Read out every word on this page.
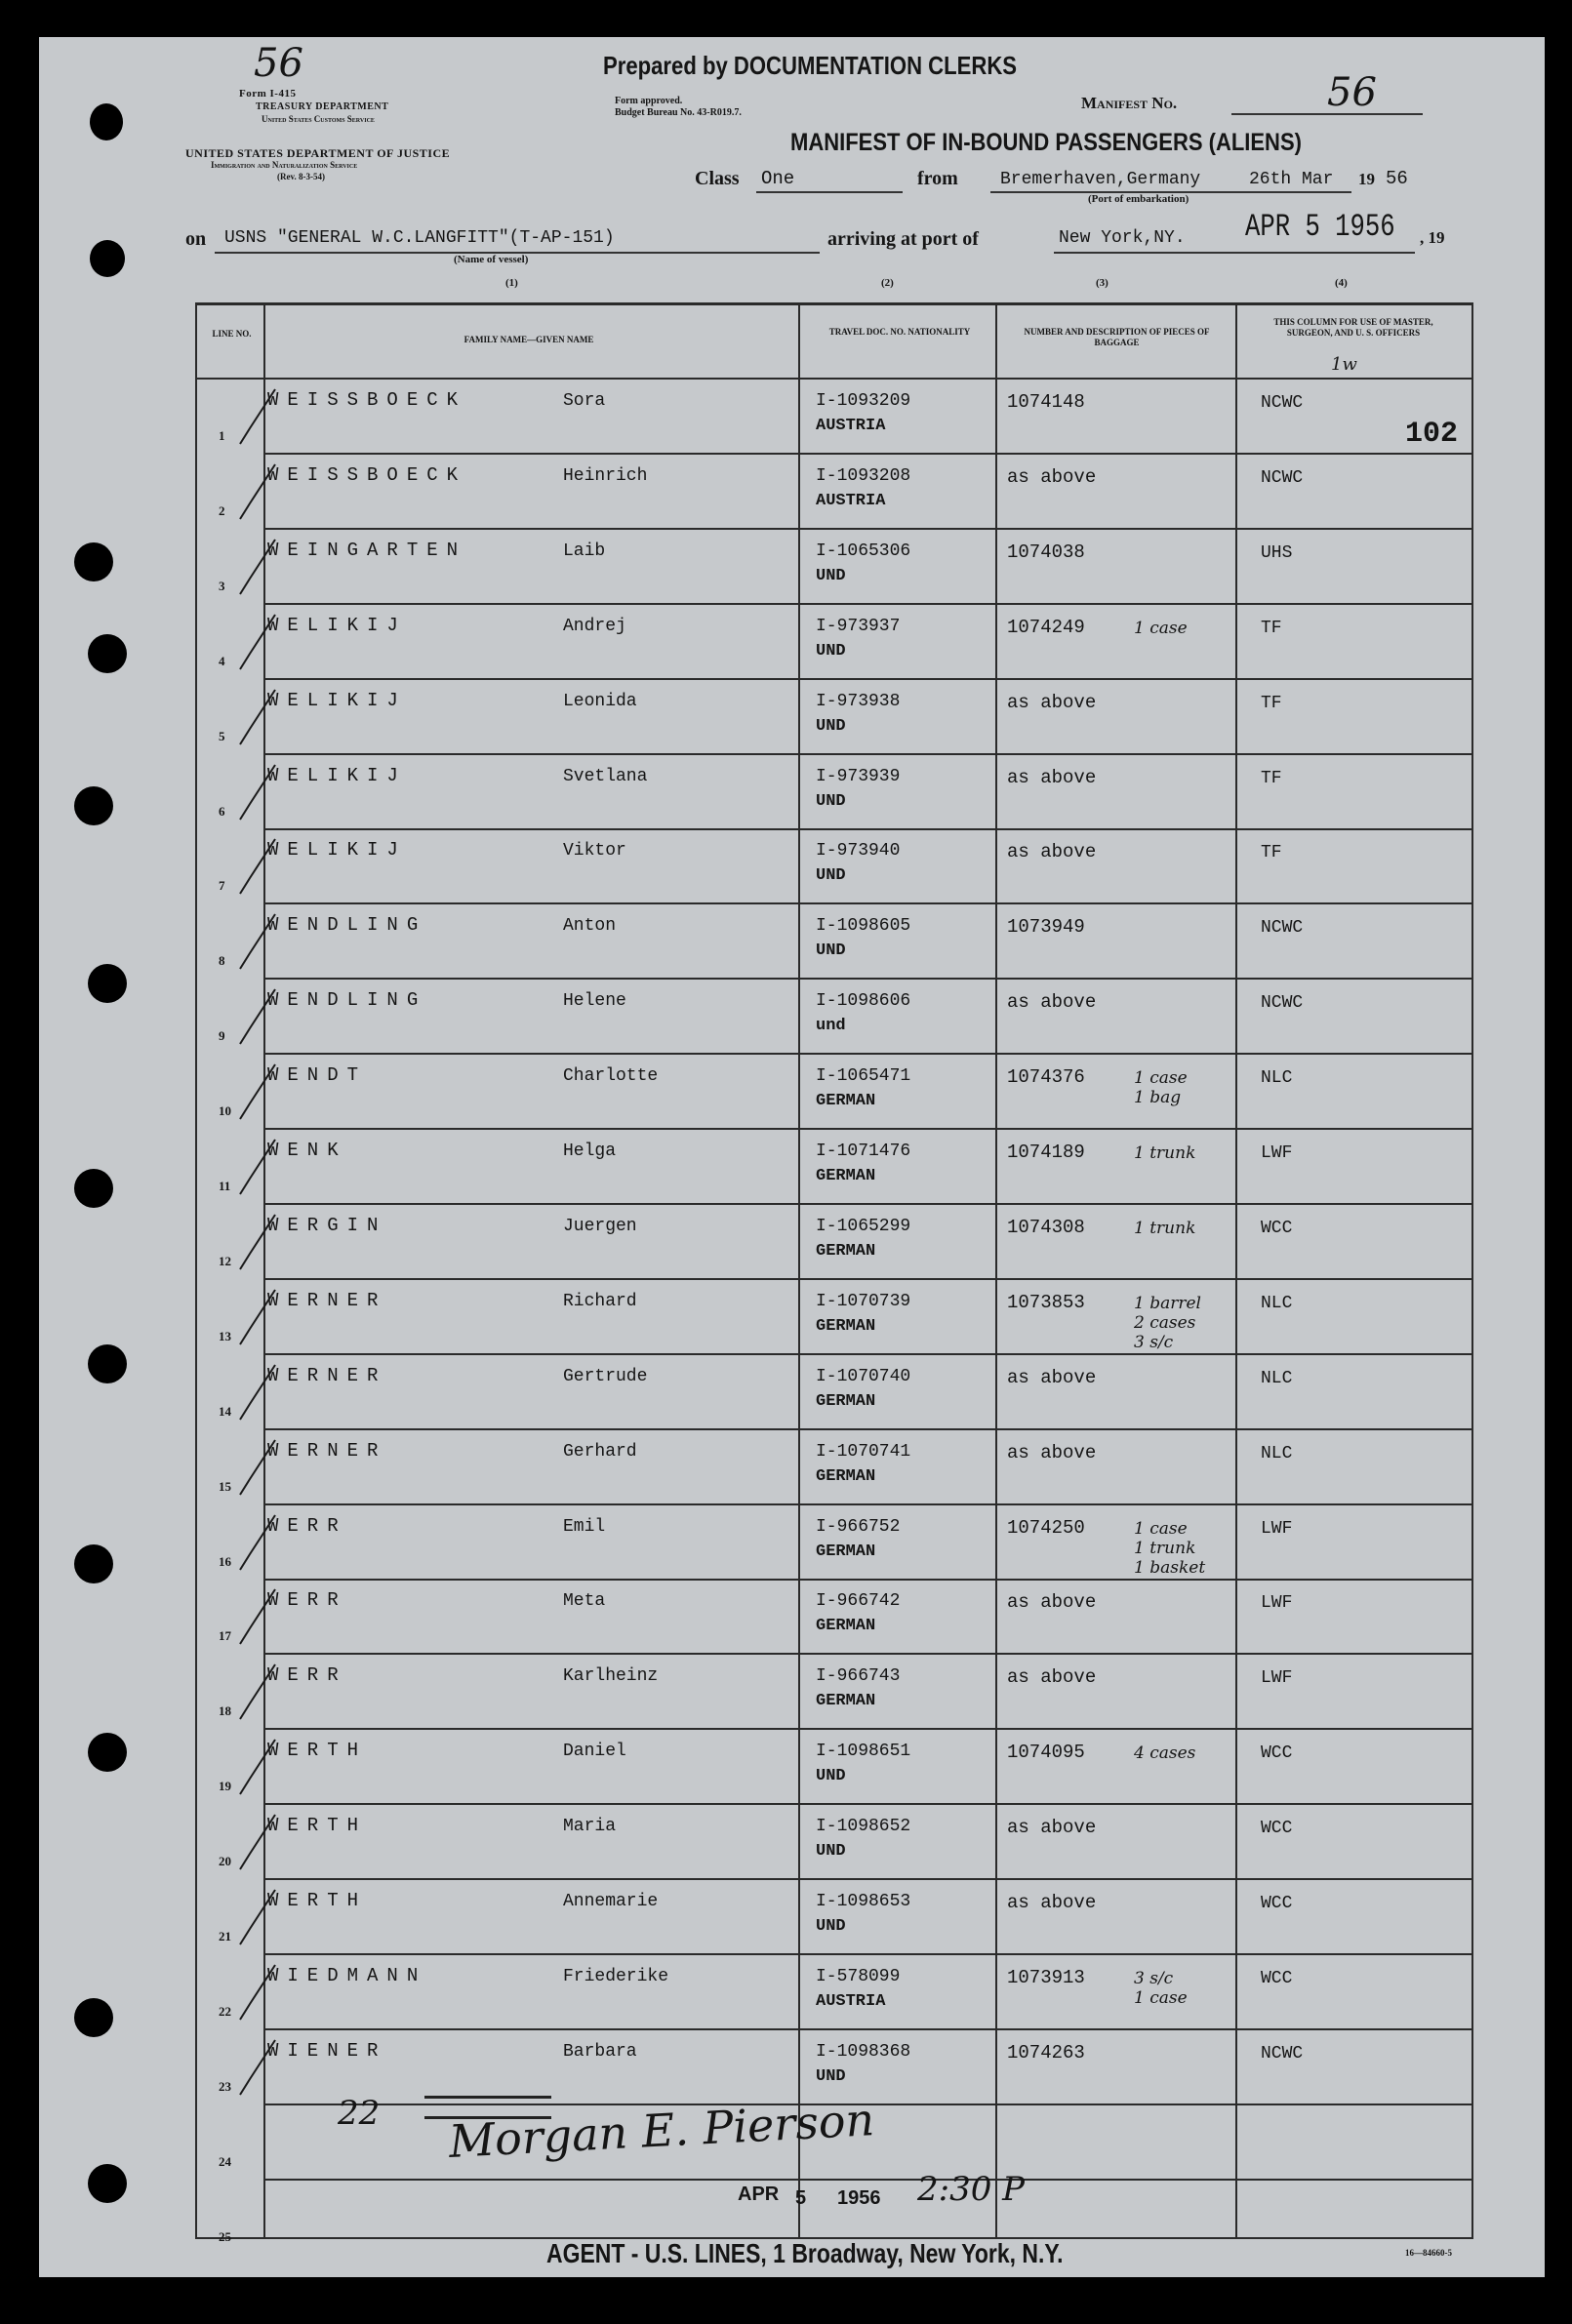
56
Form I-415
TREASURY DEPARTMENT
United States Customs Service
UNITED STATES DEPARTMENT OF JUSTICE
Immigration and Naturalization Service
(Rev. 8-3-54)
Form approved.
Budget Bureau No. 43-R019.7.
Prepared by DOCUMENTATION CLERKS
Manifest No.	56
MANIFEST OF IN-BOUND PASSENGERS (ALIENS)
Class One	from Bremerhaven,Germany
(Port of embarkation)
26th Mar 19 56
on USNS "GENERAL W.C.LANGFITT"(T-AP-151)
(Name of vessel)
arriving at port of	New York,NY. APR 5 1956 , 19
(1)	(2)	(3)	(4)
102
LINE NO.
FAMILY NAME—GIVEN NAME
TRAVEL DOC. NO. NATIONALITY	NUMBER AND DESCRIPTION OF PIECES OF BAGGAGE
THIS COLUMN FOR USE OF MASTER, SURGEON, AND U. S. OFFICERS
1w
1
WEISSBOECK	Sora	I-1093209
AUSTRIA
1074148	NCWC
2
WEISSBOECK	Heinrich	I-1093208
AUSTRIA
as above	NCWC
3
WEINGARTEN	Laib	I-1065306
UND
1074038	UHS
4
WELIKIJ	Andrej	I-973937
UND
1074249	1 case	TF
5
WELIKIJ	Leonida	I-973938
UND
as above	TF
6
WELIKIJ	Svetlana	I-973939
UND
as above	TF
7
WELIKIJ	Viktor	I-973940
UND
as above	TF
8
WENDLING	Anton	I-1098605
UND
1073949	NCWC
9
WENDLING	Helene	I-1098606
und
as above	NCWC
10
WENDT	Charlotte	I-1065471
GERMAN
1074376	1 case
1 bag
NLC
11
WENK	Helga	I-1071476
GERMAN
1074189	1 trunk	LWF
12
WERGIN	Juergen	I-1065299
GERMAN
1074308	1 trunk	WCC
13
WERNER	Richard	I-1070739
GERMAN
1073853	1 barrel
2 cases
3 s/c
NLC
14
WERNER	Gertrude	I-1070740
GERMAN
as above	NLC
15
WERNER	Gerhard	I-1070741
GERMAN
as above	NLC
16
WERR	Emil	I-966752
GERMAN
1074250	1 case
1 trunk
1 basket
LWF
17
WERR	Meta	I-966742
GERMAN
as above	LWF
18
WERR	Karlheinz	I-966743
GERMAN
as above	LWF
19
WERTH	Daniel	I-1098651
UND
1074095	4 cases	WCC
20
WERTH	Maria	I-1098652
UND
as above	WCC
21
WERTH	Annemarie	I-1098653
UND
as above	WCC
22
WIEDMANN	Friederike	I-578099
AUSTRIA
1073913	3 s/c
1 case
WCC
23
WIENER	Barbara	I-1098368
UND
1074263	NCWC
24
25
22 Morgan E. Pierson
APR 5 1956 2:30 P
AGENT - U.S. LINES, 1 Broadway, New York, N.Y.	16—84660-5
